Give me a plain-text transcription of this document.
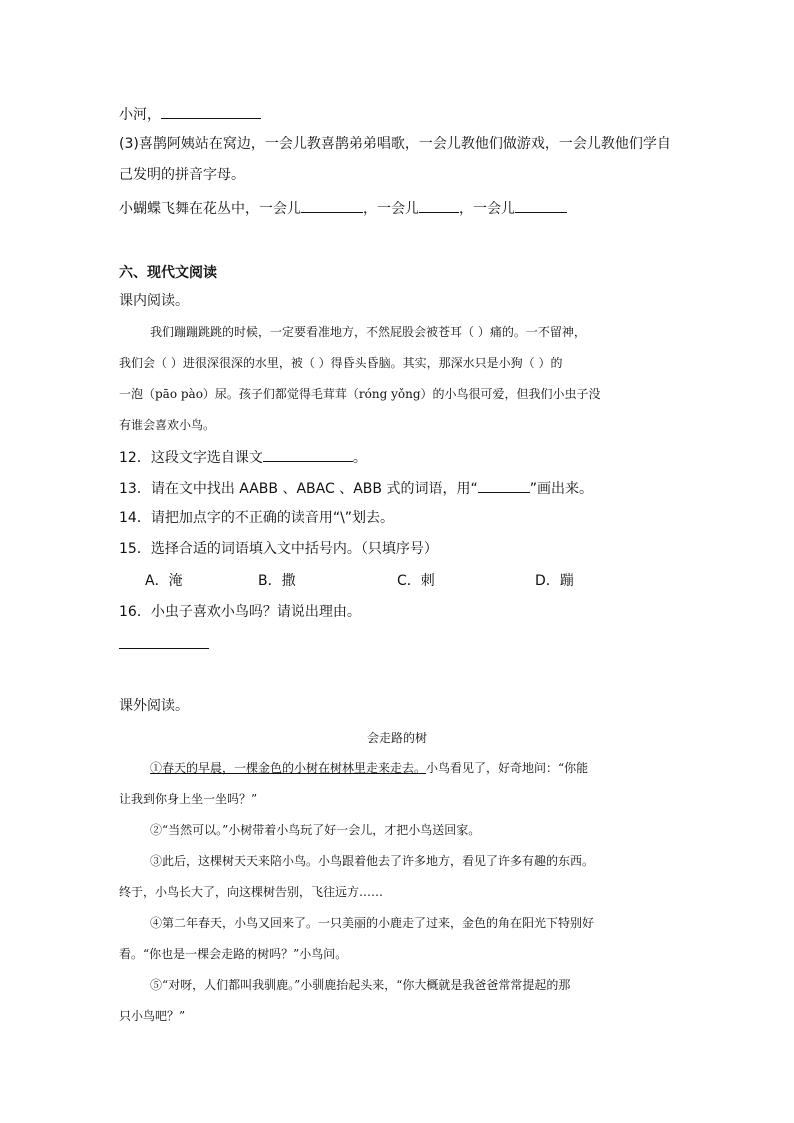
小河，
(3)喜鹊阿姨站在窝边，一会儿教喜鹊弟弟唱歌，一会儿教他们做游戏，一会儿教他们学自
己发明的拼音字母。
小蝴蝶飞舞在花丛中，一会儿	，一会儿	，一会儿
六、现代文阅读
课内阅读。
我们蹦蹦跳跳的时候，一定要看准地方，不然屁股会被苍耳（ ）痛的。一不留神，
我们会（ ）进很深很深的水里，被（ ）得昏头昏脑。其实，那深水只是小狗（ ）的
一泡（pāo pào）尿。孩子们都觉得毛茸茸（róng yǒng）的小鸟很可爱，但我们小虫子没
有谁会喜欢小鸟。
12．这段文字选自课文	。
13．请在文中找出 AABB 、ABAC 、ABB 式的词语，用“	”画出来。
14．请把加点字的不正确的读音用“\”划去。
15．选择合适的词语填入文中括号内。（只填序号）
A．淹	B．撒	C．刺	D．蹦
16．小虫子喜欢小鸟吗？请说出理由。
课外阅读。
会走路的树
①春天的早晨，一棵金色的小树在树林里走来走去。小鸟看见了，好奇地问：“你能
让我到你身上坐一坐吗？”
②“当然可以。”小树带着小鸟玩了好一会儿，才把小鸟送回家。
③此后，这棵树天天来陪小鸟。小鸟跟着他去了许多地方，看见了许多有趣的东西。
终于，小鸟长大了，向这棵树告别，飞往远方……
④第二年春天，小鸟又回来了。一只美丽的小鹿走了过来，金色的角在阳光下特别好
看。“你也是一棵会走路的树吗？”小鸟问。
⑤“对呀，人们都叫我驯鹿。”小驯鹿抬起头来，“你大概就是我爸爸常常提起的那
只小鸟吧？”
